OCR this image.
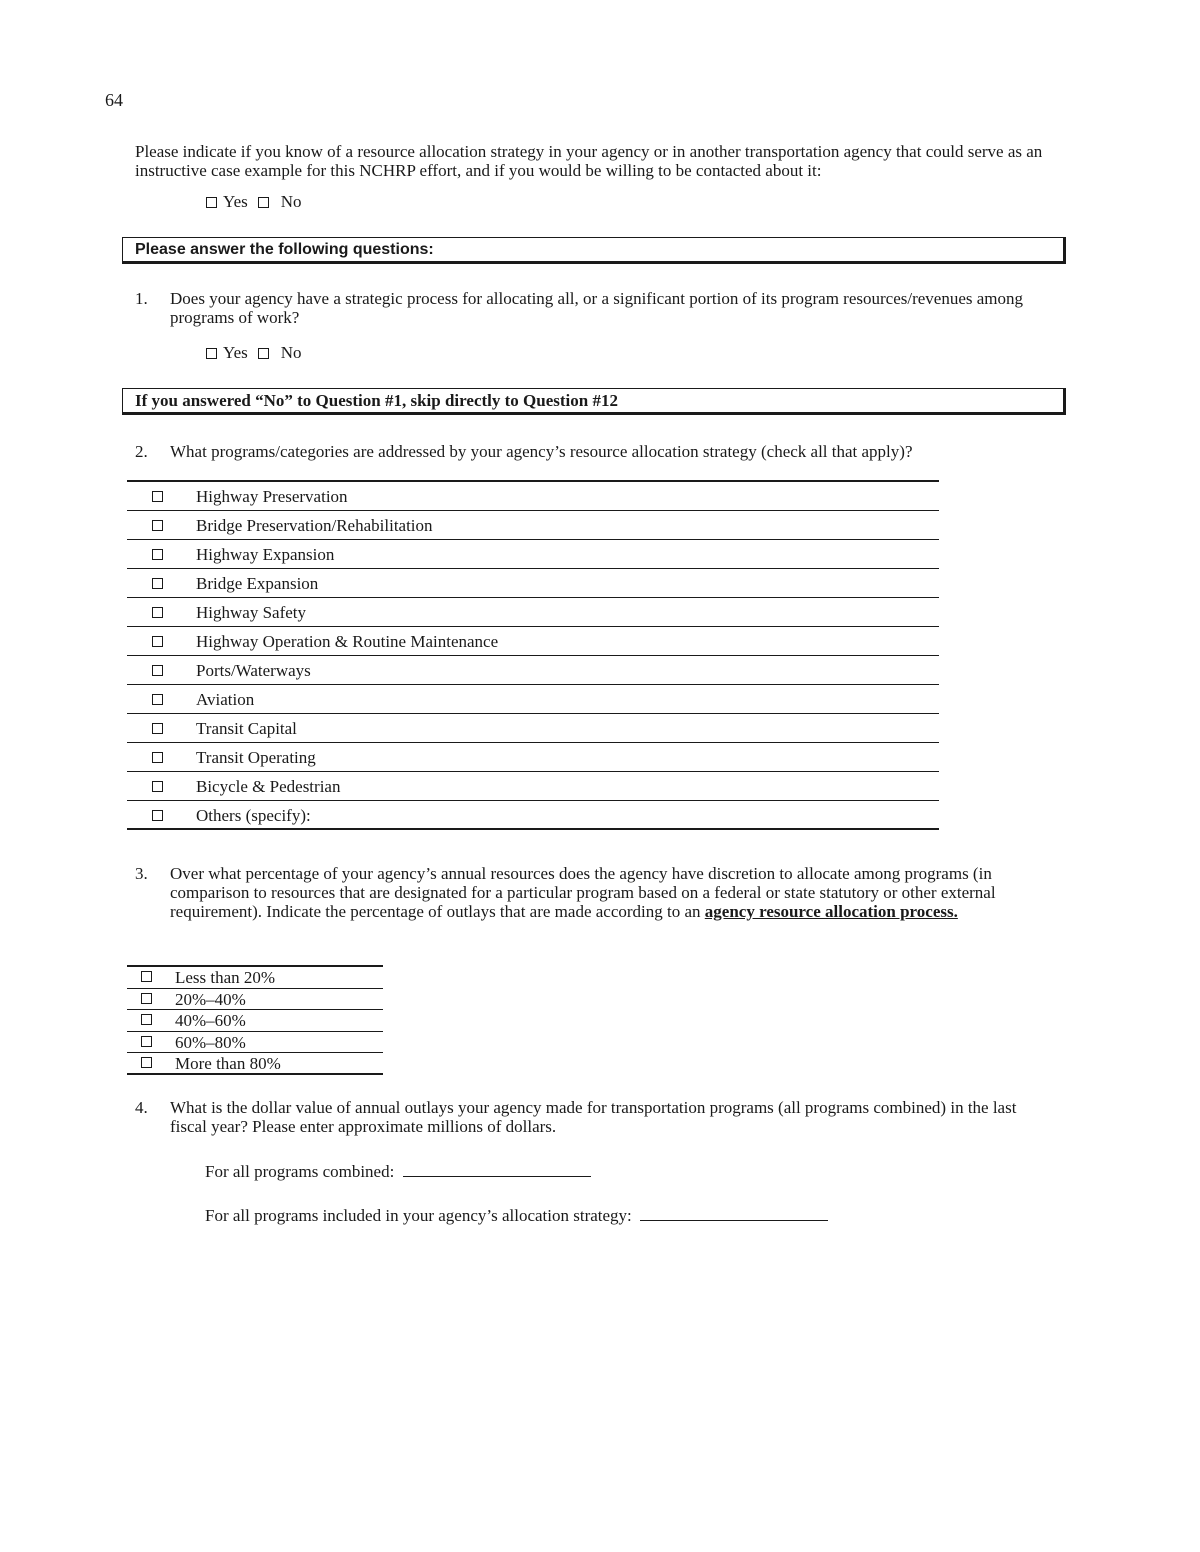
64
Please indicate if you know of a resource allocation strategy in your agency or in another transportation agency that could serve as an instructive case example for this NCHRP effort, and if you would be willing to be contacted about it:
Yes No
Please answer the following questions:
1. Does your agency have a strategic process for allocating all, or a significant portion of its program resources/revenues among programs of work?
Yes No
If you answered “No” to Question #1, skip directly to Question #12
2. What programs/categories are addressed by your agency’s resource allocation strategy (check all that apply)?
Highway Preservation
Bridge Preservation/Rehabilitation
Highway Expansion
Bridge Expansion
Highway Safety
Highway Operation & Routine Maintenance
Ports/Waterways
Aviation
Transit Capital
Transit Operating
Bicycle & Pedestrian
Others (specify):
3. Over what percentage of your agency’s annual resources does the agency have discretion to allocate among programs (in comparison to resources that are designated for a particular program based on a federal or state statutory or other external requirement). Indicate the percentage of outlays that are made according to an agency resource allocation process.
Less than 20%
20%–40%
40%–60%
60%–80%
More than 80%
4. What is the dollar value of annual outlays your agency made for transportation programs (all programs combined) in the last fiscal year? Please enter approximate millions of dollars.
For all programs combined:
For all programs included in your agency’s allocation strategy:
